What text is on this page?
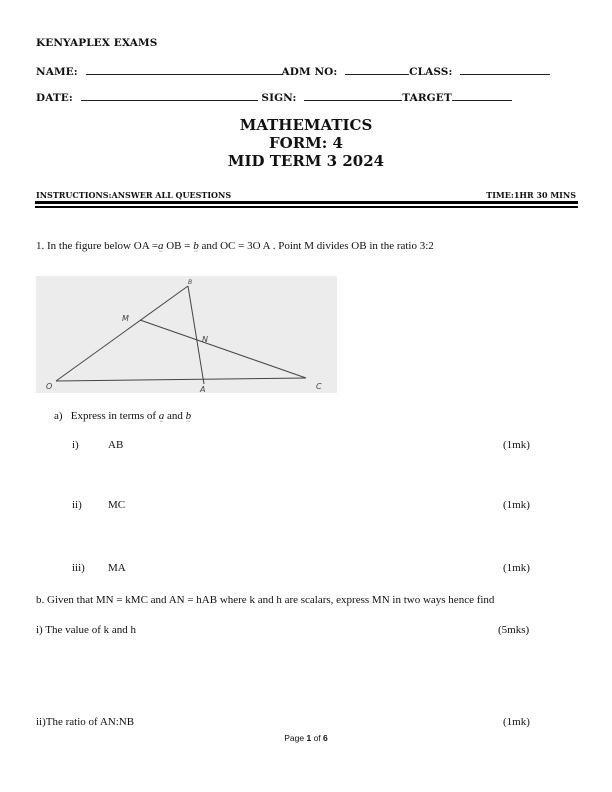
KENYAPLEX EXAMS
NAME:	ADM NO:	CLASS:
DATE:	SIGN:	TARGET
MATHEMATICS
FORM: 4
MID TERM 3 2024
INSTRUCTIONS:ANSWER ALL QUESTIONS	TIME:1HR 30 MINS
1. In the figure below OA =a ~ OB = b ~ and OC = 3O A . Point M divides OB in the ratio 3:2
O	A
B
C
M
N
a) Express in terms of a ~ and b ~
i)	AB	(1mk)
ii) MC	(1mk)
iii) MA	(1mk)
b. Given that MN = kMC and AN = hAB where k and h are scalars, express MN in two ways hence find
i) The value of k and h	(5mks)
ii)The ratio of AN:NB	(1mk)
Page 1 of 6
